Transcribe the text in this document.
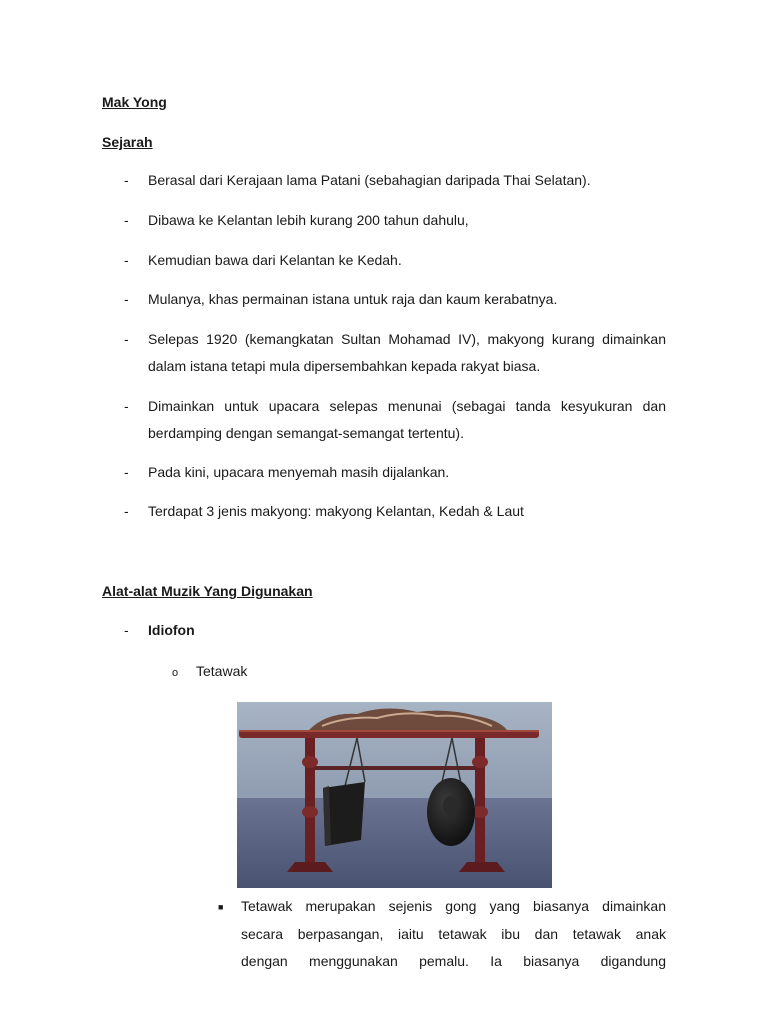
Mak Yong
Sejarah
- Berasal dari Kerajaan lama Patani (sebahagian daripada Thai Selatan).
- Dibawa ke Kelantan lebih kurang 200 tahun dahulu,
- Kemudian bawa dari Kelantan ke Kedah.
- Mulanya, khas permainan istana untuk raja dan kaum kerabatnya.
- Selepas 1920 (kemangkatan Sultan Mohamad IV), makyong kurang dimainkan dalam istana tetapi mula dipersembahkan kepada rakyat biasa.
- Dimainkan untuk upacara selepas menunai (sebagai tanda kesyukuran dan berdamping dengan semangat-semangat tertentu).
- Pada kini, upacara menyemah masih dijalankan.
- Terdapat 3 jenis makyong: makyong Kelantan, Kedah & Laut
Alat-alat Muzik Yang Digunakan
- Idiofon
o Tetawak
■ Tetawak merupakan sejenis gong yang biasanya dimainkan
secara berpasangan, iaitu tetawak ibu dan tetawak anak
dengan menggunakan pemalu. Ia biasanya digandung
